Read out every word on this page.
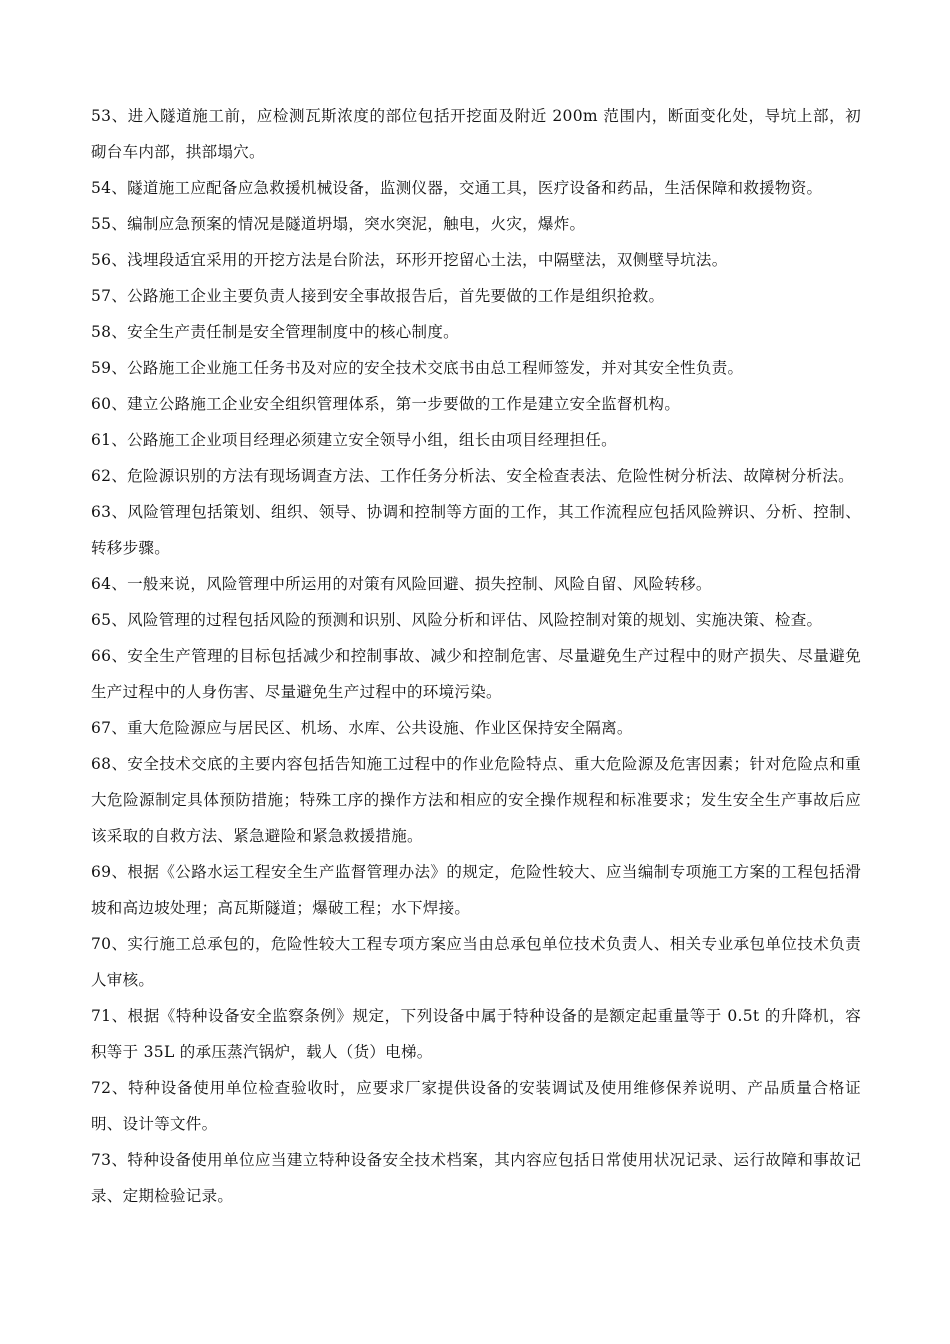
53、进入隧道施工前，应检测瓦斯浓度的部位包括开挖面及附近 200m 范围内，断面变化处，导坑上部，初砌台车内部，拱部塌穴。

54、隧道施工应配备应急救援机械设备，监测仪器，交通工具，医疗设备和药品，生活保障和救援物资。

55、编制应急预案的情况是隧道坍塌，突水突泥，触电，火灾，爆炸。

56、浅埋段适宜采用的开挖方法是台阶法，环形开挖留心土法，中隔壁法，双侧壁导坑法。

57、公路施工企业主要负责人接到安全事故报告后，首先要做的工作是组织抢救。

58、安全生产责任制是安全管理制度中的核心制度。

59、公路施工企业施工任务书及对应的安全技术交底书由总工程师签发，并对其安全性负责。

60、建立公路施工企业安全组织管理体系，第一步要做的工作是建立安全监督机构。

61、公路施工企业项目经理必须建立安全领导小组，组长由项目经理担任。

62、危险源识别的方法有现场调查方法、工作任务分析法、安全检查表法、危险性树分析法、故障树分析法。

63、风险管理包括策划、组织、领导、协调和控制等方面的工作，其工作流程应包括风险辨识、分析、控制、转移步骤。

64、一般来说，风险管理中所运用的对策有风险回避、损失控制、风险自留、风险转移。

65、风险管理的过程包括风险的预测和识别、风险分析和评估、风险控制对策的规划、实施决策、检查。

66、安全生产管理的目标包括减少和控制事故、减少和控制危害、尽量避免生产过程中的财产损失、尽量避免生产过程中的人身伤害、尽量避免生产过程中的环境污染。

67、重大危险源应与居民区、机场、水库、公共设施、作业区保持安全隔离。

68、安全技术交底的主要内容包括告知施工过程中的作业危险特点、重大危险源及危害因素；针对危险点和重大危险源制定具体预防措施；特殊工序的操作方法和相应的安全操作规程和标准要求；发生安全生产事故后应该采取的自救方法、紧急避险和紧急救援措施。

69、根据《公路水运工程安全生产监督管理办法》的规定，危险性较大、应当编制专项施工方案的工程包括滑坡和高边坡处理；高瓦斯隧道；爆破工程；水下焊接。

70、实行施工总承包的，危险性较大工程专项方案应当由总承包单位技术负责人、相关专业承包单位技术负责人审核。

71、根据《特种设备安全监察条例》规定，下列设备中属于特种设备的是额定起重量等于 0.5t 的升降机，容积等于 35L 的承压蒸汽锅炉，载人（货）电梯。

72、特种设备使用单位检查验收时，应要求厂家提供设备的安装调试及使用维修保养说明、产品质量合格证明、设计等文件。

73、特种设备使用单位应当建立特种设备安全技术档案，其内容应包括日常使用状况记录、运行故障和事故记录、定期检验记录。
